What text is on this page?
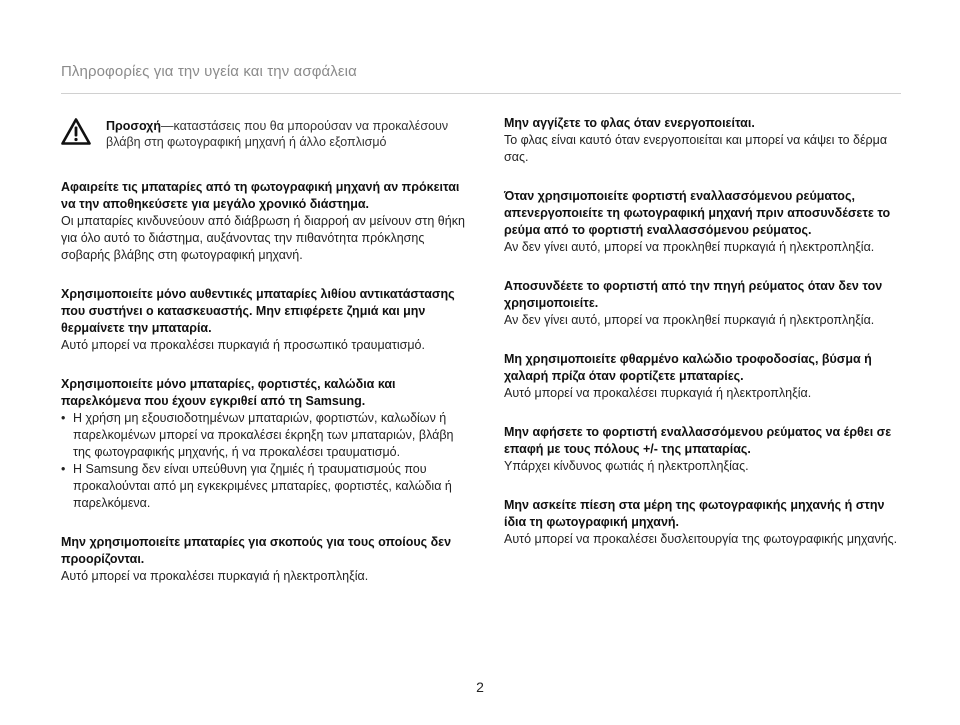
Πληροφορίες για την υγεία και την ασφάλεια
Προσοχή—καταστάσεις που θα μπορούσαν να προκαλέσουν βλάβη στη φωτογραφική μηχανή ή άλλο εξοπλισμό

Αφαιρείτε τις μπαταρίες από τη φωτογραφική μηχανή αν πρόκειται να την αποθηκεύσετε για μεγάλο χρονικό διάστημα.

Οι μπαταρίες κινδυνεύουν από διάβρωση ή διαρροή αν μείνουν στη θήκη για όλο αυτό το διάστημα, αυξάνοντας την πιθανότητα πρόκλησης σοβαρής βλάβης στη φωτογραφική μηχανή.

Χρησιμοποιείτε μόνο αυθεντικές μπαταρίες λιθίου αντικατάστασης που συστήνει ο κατασκευαστής. Μην επιφέρετε ζημιά και μην θερμαίνετε την μπαταρία.

Αυτό μπορεί να προκαλέσει πυρκαγιά ή προσωπικό τραυματισμό.

Χρησιμοποιείτε μόνο μπαταρίες, φορτιστές, καλώδια και παρελκόμενα που έχουν εγκριθεί από τη Samsung.

• Η χρήση μη εξουσιοδοτημένων μπαταριών, φορτιστών, καλωδίων ή παρελκομένων μπορεί να προκαλέσει έκρηξη των μπαταριών, βλάβη της φωτογραφικής μηχανής, ή να προκαλέσει τραυματισμό.
• Η Samsung δεν είναι υπεύθυνη για ζημιές ή τραυματισμούς που προκαλούνται από μη εγκεκριμένες μπαταρίες, φορτιστές, καλώδια ή παρελκόμενα.

Μην χρησιμοποιείτε μπαταρίες για σκοπούς για τους οποίους δεν προορίζονται.

Αυτό μπορεί να προκαλέσει πυρκαγιά ή ηλεκτροπληξία.

Μην αγγίζετε το φλας όταν ενεργοποιείται.

Το φλας είναι καυτό όταν ενεργοποιείται και μπορεί να κάψει το δέρμα σας.

Όταν χρησιμοποιείτε φορτιστή εναλλασσόμενου ρεύματος, απενεργοποιείτε τη φωτογραφική μηχανή πριν αποσυνδέσετε το ρεύμα από το φορτιστή εναλλασσόμενου ρεύματος.

Αν δεν γίνει αυτό, μπορεί να προκληθεί πυρκαγιά ή ηλεκτροπληξία.

Αποσυνδέετε το φορτιστή από την πηγή ρεύματος όταν δεν τον χρησιμοποιείτε.

Αν δεν γίνει αυτό, μπορεί να προκληθεί πυρκαγιά ή ηλεκτροπληξία.

Μη χρησιμοποιείτε φθαρμένο καλώδιο τροφοδοσίας, βύσμα ή χαλαρή πρίζα όταν φορτίζετε μπαταρίες.

Αυτό μπορεί να προκαλέσει πυρκαγιά ή ηλεκτροπληξία.

Μην αφήσετε το φορτιστή εναλλασσόμενου ρεύματος να έρθει σε επαφή με τους πόλους +/- της μπαταρίας.

Υπάρχει κίνδυνος φωτιάς ή ηλεκτροπληξίας.

Μην ασκείτε πίεση στα μέρη της φωτογραφικής μηχανής ή στην ίδια τη φωτογραφική μηχανή.

Αυτό μπορεί να προκαλέσει δυσλειτουργία της φωτογραφικής μηχανής.

2
